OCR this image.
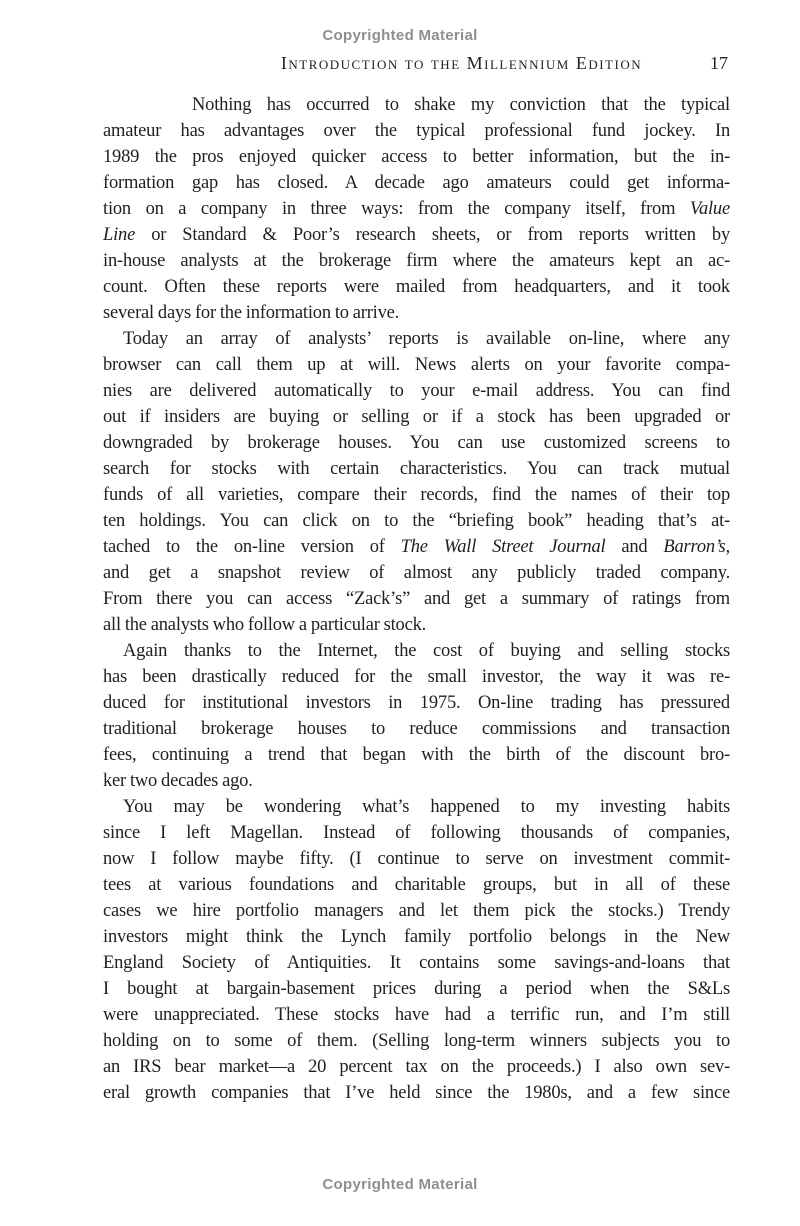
Copyrighted Material
Introduction to the Millennium Edition	17
Nothing has occurred to shake my conviction that the typical
amateur has advantages over the typical professional fund jockey. In
1989 the pros enjoyed quicker access to better information, but the in-
formation gap has closed. A decade ago amateurs could get informa-
tion on a company in three ways: from the company itself, from Value
Line or Standard & Poor’s research sheets, or from reports written by
in-house analysts at the brokerage firm where the amateurs kept an ac-
count. Often these reports were mailed from headquarters, and it took
several days for the information to arrive.
Today an array of analysts’ reports is available on-line, where any
browser can call them up at will. News alerts on your favorite compa-
nies are delivered automatically to your e-mail address. You can find
out if insiders are buying or selling or if a stock has been upgraded or
downgraded by brokerage houses. You can use customized screens to
search for stocks with certain characteristics. You can track mutual
funds of all varieties, compare their records, find the names of their top
ten holdings. You can click on to the “briefing book” heading that’s at-
tached to the on-line version of The Wall Street Journal and Barron’s,
and get a snapshot review of almost any publicly traded company.
From there you can access “Zack’s” and get a summary of ratings from
all the analysts who follow a particular stock.
Again thanks to the Internet, the cost of buying and selling stocks
has been drastically reduced for the small investor, the way it was re-
duced for institutional investors in 1975. On-line trading has pressured
traditional brokerage houses to reduce commissions and transaction
fees, continuing a trend that began with the birth of the discount bro-
ker two decades ago.
You may be wondering what’s happened to my investing habits
since I left Magellan. Instead of following thousands of companies,
now I follow maybe fifty. (I continue to serve on investment commit-
tees at various foundations and charitable groups, but in all of these
cases we hire portfolio managers and let them pick the stocks.) Trendy
investors might think the Lynch family portfolio belongs in the New
England Society of Antiquities. It contains some savings-and-loans that
I bought at bargain-basement prices during a period when the S&Ls
were unappreciated. These stocks have had a terrific run, and I’m still
holding on to some of them. (Selling long-term winners subjects you to
an IRS bear market—a 20 percent tax on the proceeds.) I also own sev-
eral growth companies that I’ve held since the 1980s, and a few since
Copyrighted Material
